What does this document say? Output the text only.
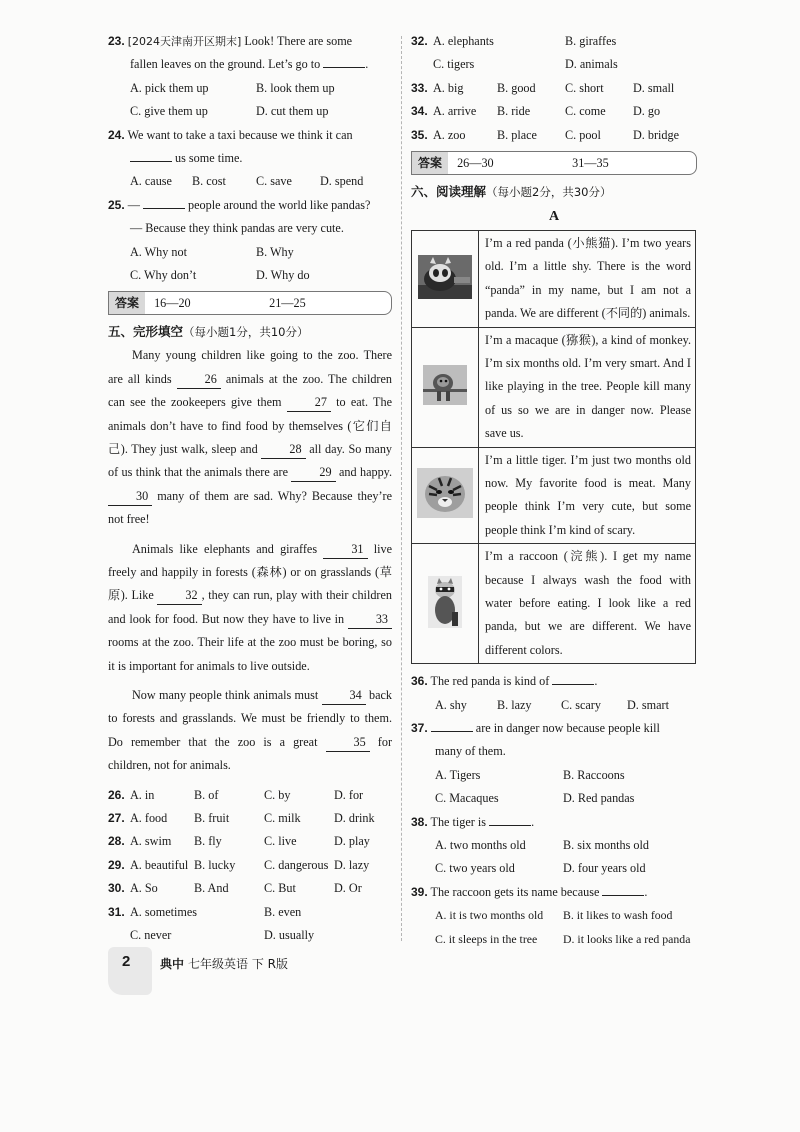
23. [2024天津南开区期末] Look! There are some
fallen leaves on the ground. Let’s go to	.
A. pick them up	B. look them up
C. give them up	D. cut them up
24. We want to take a taxi because we think it can
us some time.
A. cause B. cost C. save D. spend
25. —	people around the world like pandas?
— Because they think pandas are very cute.
A. Why not	B. Why
C. Why don’t	D. Why do
答案 16—20	21—25
五、完形填空（每小题1分，共10分）

Many young children like going to the zoo. There are all kinds	26 animals at the zoo. The children can see the zookeepers give them	27 to eat. The animals don’t have to find food by themselves (它们自己). They just walk, sleep and	28 all day. So many of us think that the animals there are	29 and happy. 30 many of them are sad. Why? Because they’re not free!

Animals like elephants and giraffes	31 live freely and happily in forests (森林) or on grasslands (草原). Like	32 , they can run, play with their children and look for food. But now they have to live in	33 rooms at the zoo. Their life at the zoo must be boring, so it is important for animals to live outside.

Now many people think animals must	34 back to forests and grasslands. We must be friendly to them. Do remember that the zoo is a great	35 for children, not for animals.

26. A. in	B. of	C. by	D. for
27. A. food B. fruit	C. milk	D. drink
28. A. swim B. fly	C. live	D. play
29. A. beautiful B. lucky C. dangerous D. lazy
30. A. So	B. And	C. But	D. Or
31. A. sometimes	B. even
C. never	D. usually
32. A. elephants	B. giraffes
C. tigers	D. animals
33. A. big	B. good C. short D. small
34. A. arrive B. ride	C. come D. go
35. A. zoo	B. place C. pool	D. bridge
答案 26—30	31—35
六、阅读理解（每小题2分，共30分）
A
	I’m a red panda (小熊猫). I’m two years old. I’m a little shy. There is the word “panda” in my name, but I am not a panda. We are different (不同的) animals.
	I’m a macaque (猕猴), a kind of monkey. I’m six months old. I’m very smart. And I like playing in the tree. People kill many of us so we are in danger now. Please save us.
	I’m a little tiger. I’m just two months old now. My favorite food is meat. Many people think I’m very cute, but some people think I’m kind of scary.
	I’m a raccoon (浣熊). I get my name because I always wash the food with water before eating. I look like a red panda, but we are different. We have different colors.
36. The red panda is kind of	.
A. shy B. lazy C. scary D. smart
37.	are in danger now because people kill
many of them.
A. Tigers	B. Raccoons
C. Macaques	D. Red pandas
38. The tiger is	.
A. two months old	B. six months old
C. two years old	D. four years old
39. The raccoon gets its name because	.
A. it is two months old B. it likes to wash food
C. it sleeps in the tree D. it looks like a red panda
2 典中 七年级英语 下 R版
